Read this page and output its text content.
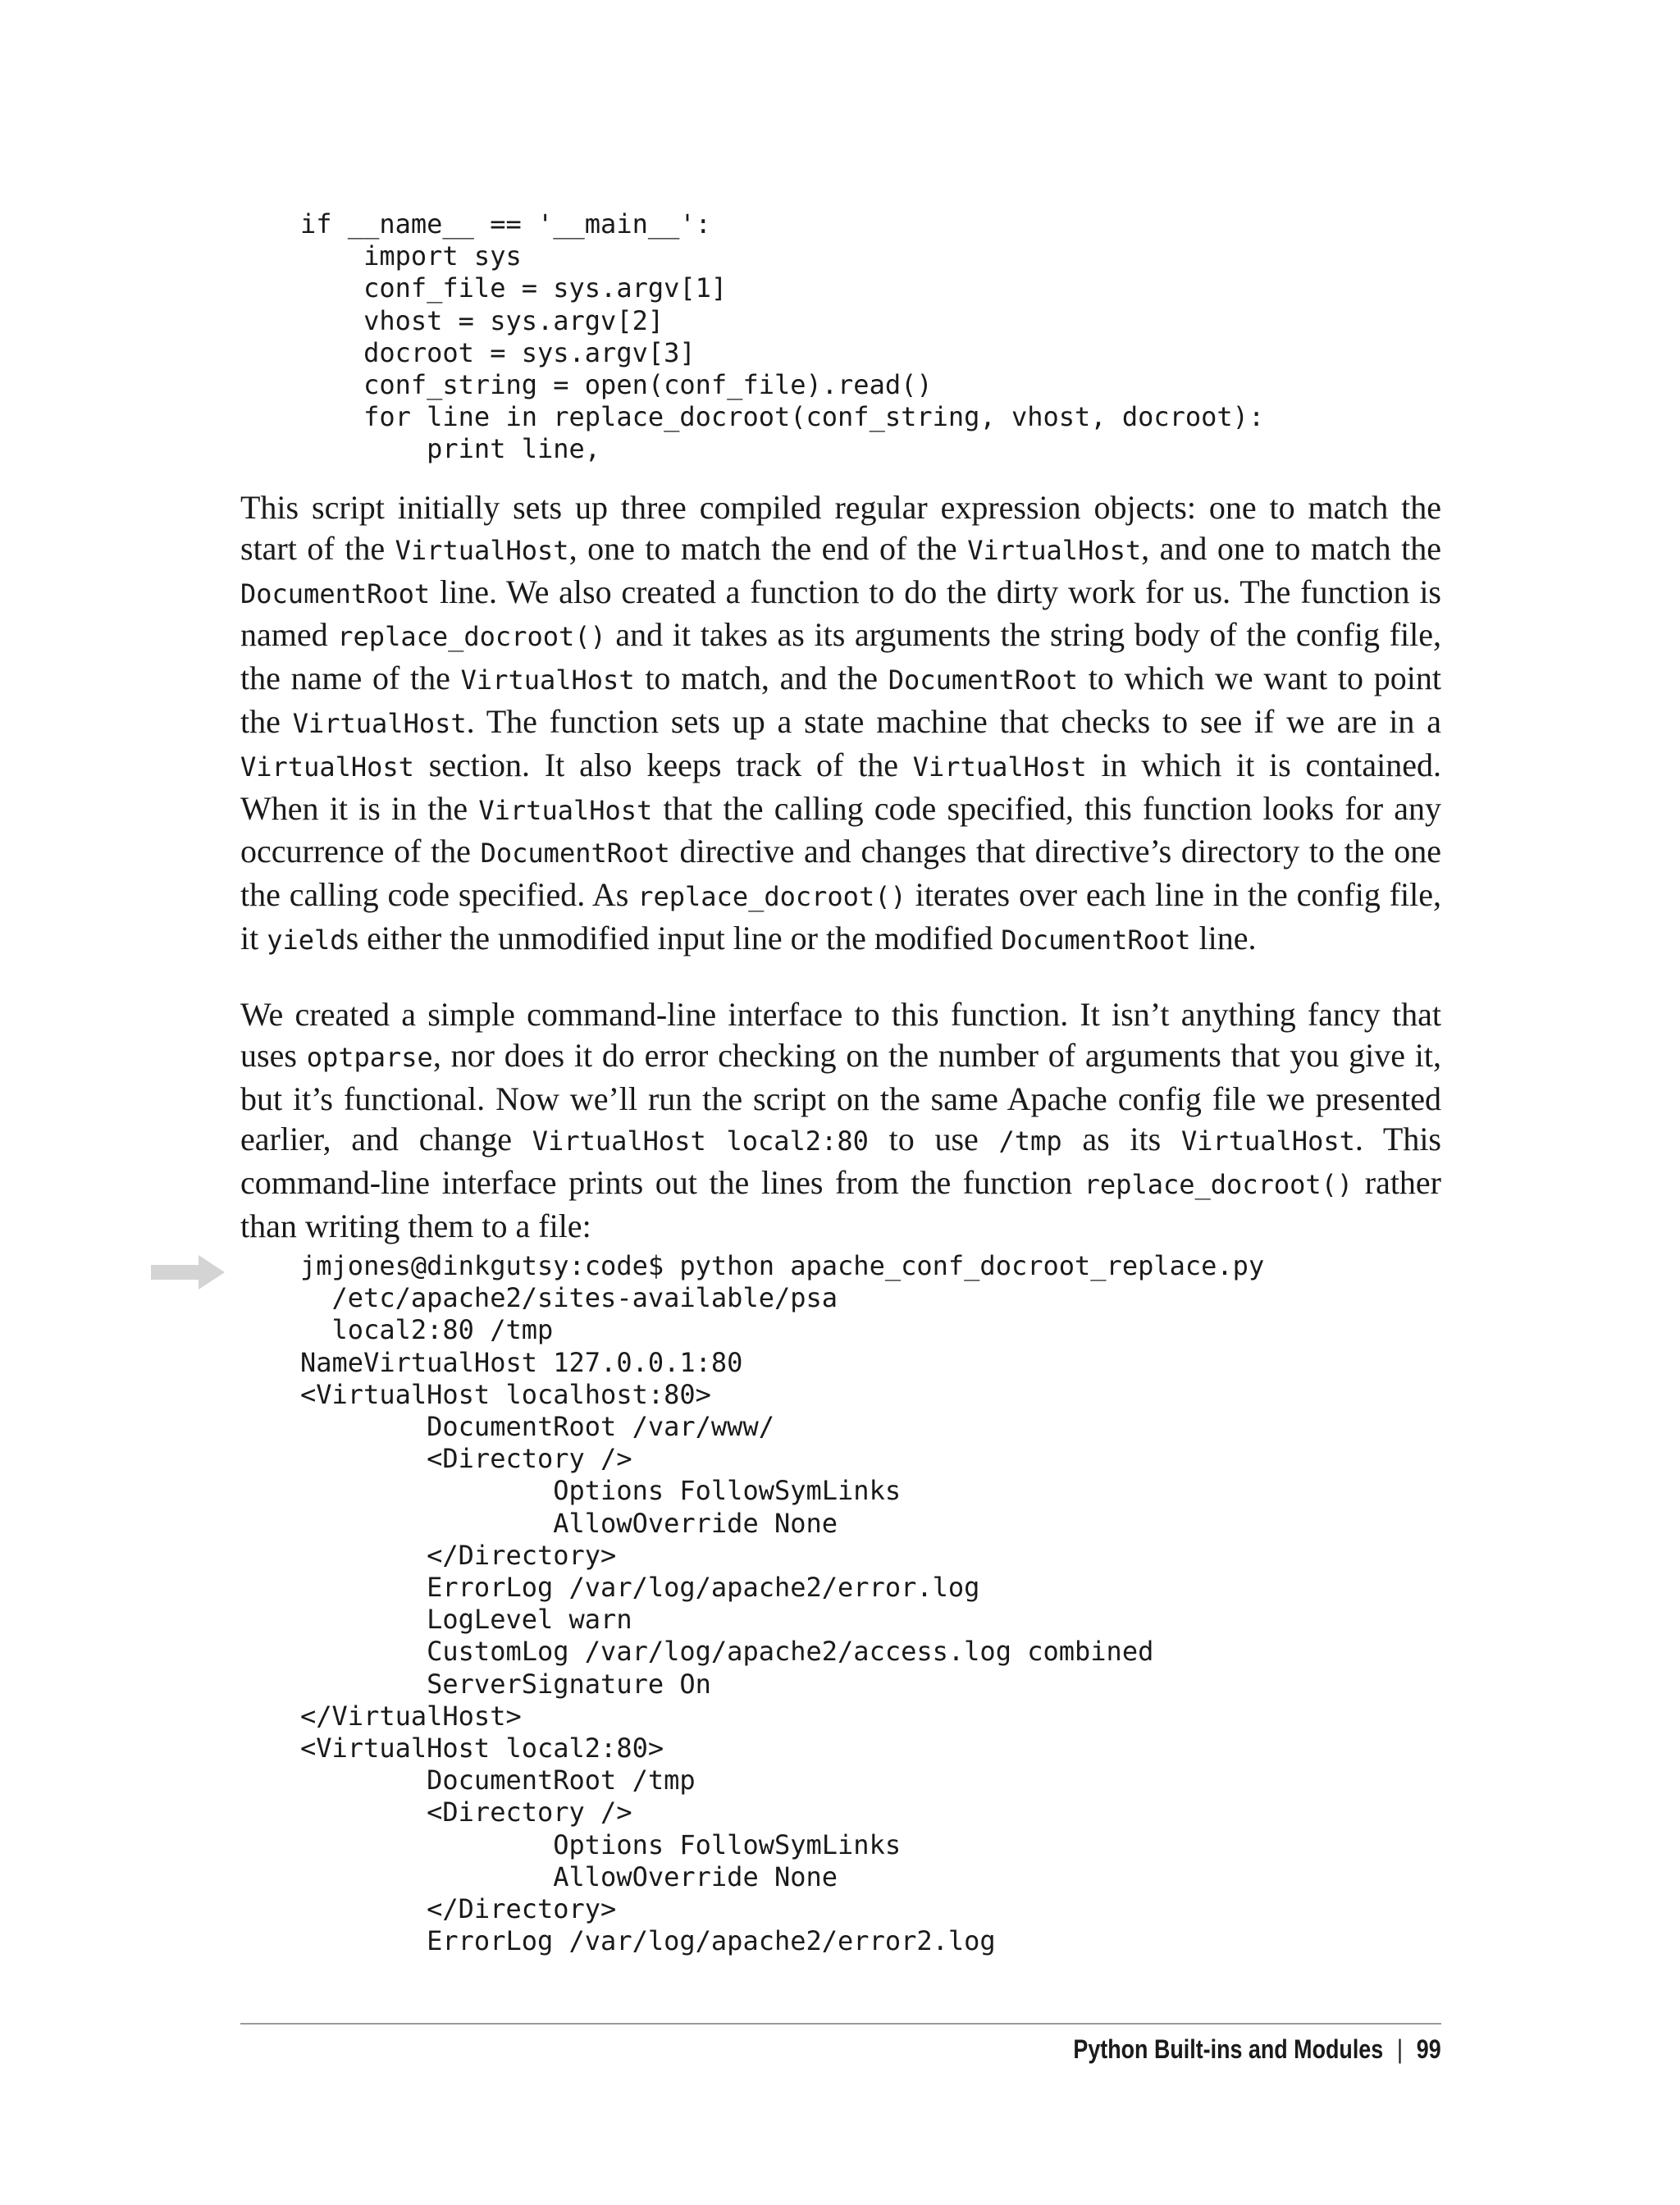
if __name__ == '__main__':
import sys
conf_file = sys.argv[1]
vhost = sys.argv[2]
docroot = sys.argv[3]
conf_string = open(conf_file).read()
for line in replace_docroot(conf_string, vhost, docroot):
print line,

This script initially sets up three compiled regular expression objects: one to match the start of the VirtualHost, one to match the end of the VirtualHost, and one to match the DocumentRoot line. We also created a function to do the dirty work for us. The function is named replace_docroot() and it takes as its arguments the string body of the config file, the name of the VirtualHost to match, and the DocumentRoot to which we want to point the VirtualHost. The function sets up a state machine that checks to see if we are in a VirtualHost section. It also keeps track of the VirtualHost in which it is contained. When it is in the VirtualHost that the calling code specified, this function looks for any occurrence of the DocumentRoot directive and changes that directive’s directory to the one the calling code specified. As replace_docroot() iterates over each line in the config file, it yields either the unmodified input line or the modified DocumentRoot line.

We created a simple command-line interface to this function. It isn’t anything fancy that uses optparse, nor does it do error checking on the number of arguments that you give it, but it’s functional. Now we’ll run the script on the same Apache config file we presented earlier, and change VirtualHost local2:80 to use /tmp as its VirtualHost. This command-line interface prints out the lines from the function replace_docroot() rather than writing them to a file:

jmjones@dinkgutsy:code$ python apache_conf_docroot_replace.py
/etc/apache2/sites-available/psa
local2:80 /tmp
NameVirtualHost 127.0.0.1:80
<VirtualHost localhost:80>
DocumentRoot /var/www/
<Directory />
Options FollowSymLinks
AllowOverride None
</Directory>
ErrorLog /var/log/apache2/error.log
LogLevel warn
CustomLog /var/log/apache2/access.log combined
ServerSignature On
</VirtualHost>
<VirtualHost local2:80>
DocumentRoot /tmp
<Directory />
Options FollowSymLinks
AllowOverride None
</Directory>
ErrorLog /var/log/apache2/error2.log
Python Built-ins and Modules | 99
